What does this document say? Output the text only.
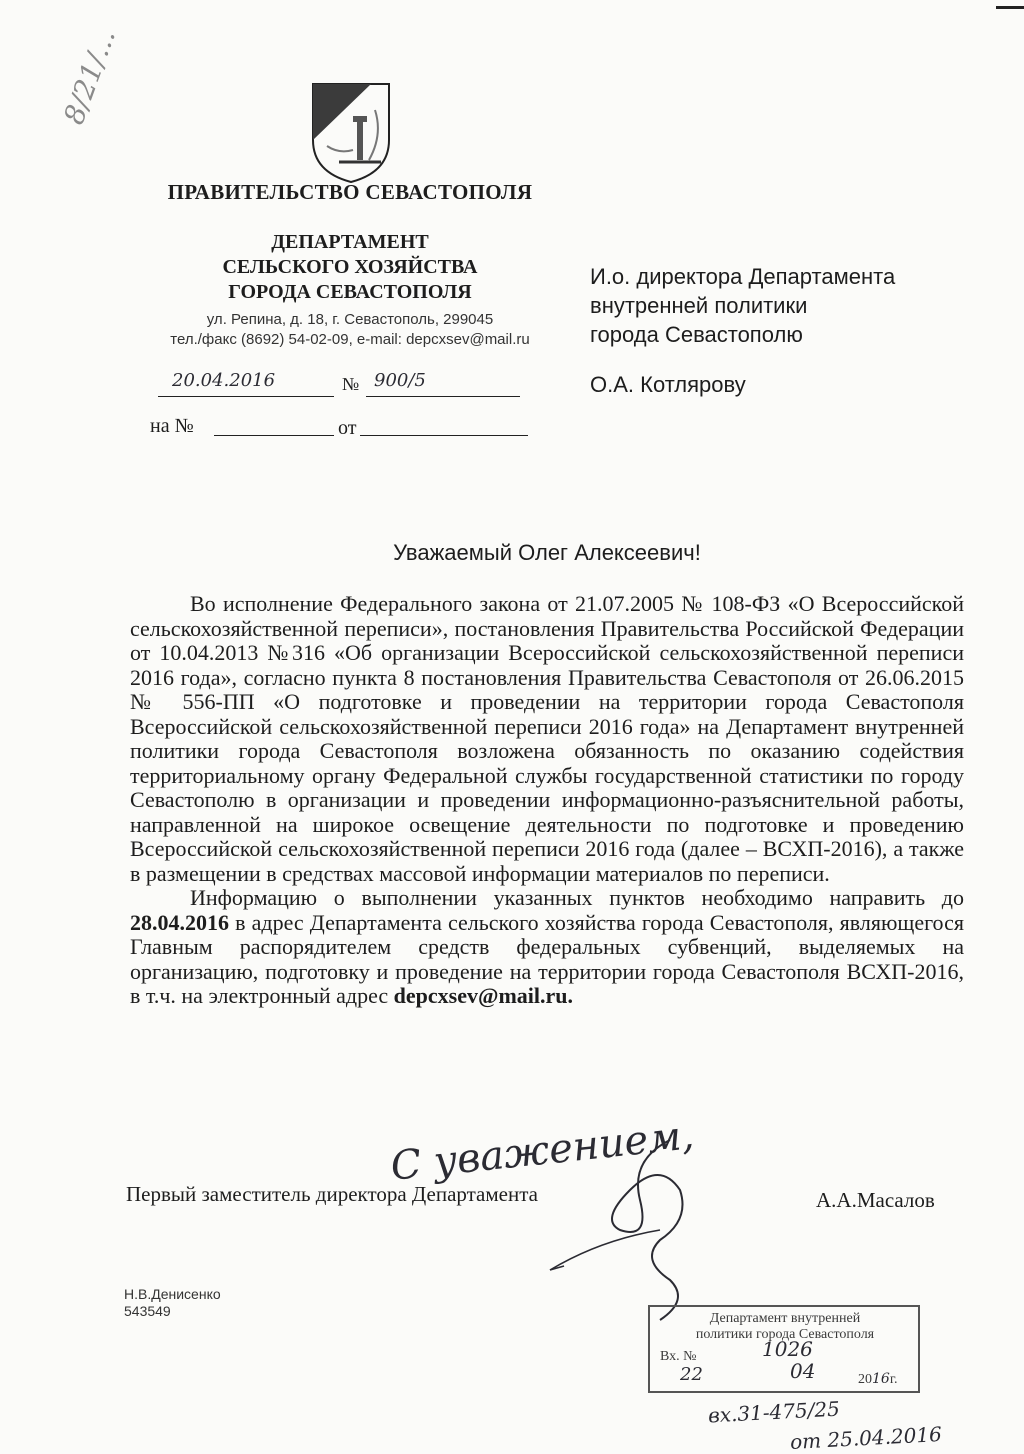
8/21/...
ПРАВИТЕЛЬСТВО СЕВАСТОПОЛЯ
ДЕПАРТАМЕНТ
СЕЛЬСКОГО ХОЗЯЙСТВА
ГОРОДА СЕВАСТОПОЛЯ
ул. Репина, д. 18, г. Севастополь, 299045
тел./факс (8692) 54-02-09, e-mail: depcxsev@mail.ru
20.04.2016	№ 900/5
на №	от
И.о. директора Департамента
внутренней политики
города Севастополю
О.А. Котлярову
Уважаемый Олег Алексеевич!

Во исполнение Федерального закона от 21.07.2005 № 108-ФЗ «О Всероссийской сельскохозяйственной переписи», постановления Правительства Российской Федерации от 10.04.2013 №316 «Об организации Всероссийской сельскохозяйственной переписи 2016 года», согласно пункта 8 постановления Правительства Севастополя от 26.06.2015 № 556-ПП «О подготовке и проведении на территории города Севастополя Всероссийской сельскохозяйственной переписи 2016 года» на Департамент внутренней политики города Севастополя возложена обязанность по оказанию содействия территориальному органу Федеральной службы государственной статистики по городу Севастополю в организации и проведении информационно-разъяснительной работы, направленной на широкое освещение деятельности по подготовке и проведению Всероссийской сельскохозяйственной переписи 2016 года (далее – ВСХП-2016), а также в размещении в средствах массовой информации материалов по переписи.

Информацию о выполнении указанных пунктов необходимо направить до 28.04.2016 в адрес Департамента сельского хозяйства города Севастополя, являющегося Главным распорядителем средств федеральных субвенций, выделяемых на организацию, подготовку и проведение на территории города Севастополя ВСХП-2016, в т.ч. на электронный адрес depcxsev@mail.ru.

С уважением,
Первый заместитель директора Департамента	А.А.Масалов
Н.В.Денисенко
543549	Департамент внутренней
политики города Севастополя
Вх. №	1026
22	04	2016г.
вх.31-475/25
от 25.04.2016
